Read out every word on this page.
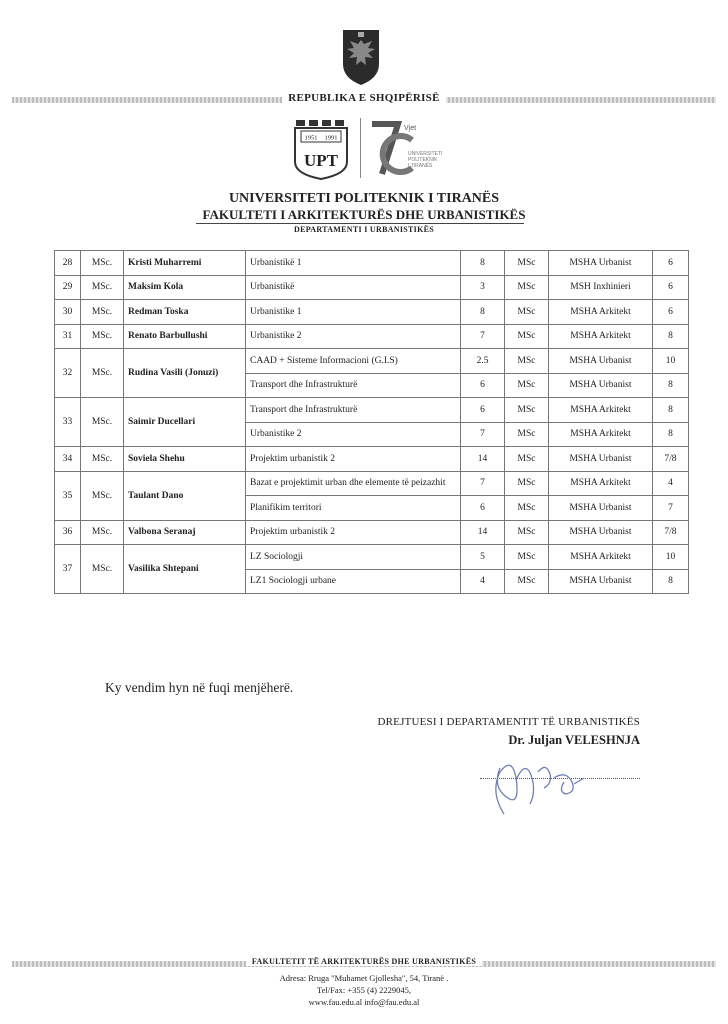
REPUBLIKA E SHQIPËRISË
1951 1991
UPT
Vjet
UNIVERSITETI
POLITEKNIK
I TIRANËS
UNIVERSITETI POLITEKNIK I TIRANËS
FAKULTETI I ARKITEKTURËS DHE URBANISTIKËS
DEPARTAMENTI I URBANISTIKËS
28	MSc.	Kristi Muharremi	Urbanistikë 1	8	MSc	MSHA Urbanist	6
29	MSc.	Maksim Kola	Urbanistikë	3	MSc	MSH Inxhinieri	6
30	MSc.	Redman Toska	Urbanistike 1	8	MSc	MSHA Arkitekt	6
31	MSc.	Renato Barbullushi	Urbanistike 2	7	MSc	MSHA Arkitekt	8
32	MSc.	Rudina Vasili (Jonuzi)	CAAD + Sisteme Informacioni (G.I.S)	2.5	MSc	MSHA Urbanist	10
			Transport dhe Infrastrukturë	6	MSc	MSHA Urbanist	8
33	MSc.	Saimir Ducellari	Transport dhe Infrastrukturë	6	MSc	MSHA Arkitekt	8
			Urbanistike 2	7	MSc	MSHA Arkitekt	8
34	MSc.	Soviela Shehu	Projektim urbanistik 2	14	MSc	MSHA Urbanist	7/8
35	MSc.	Taulant Dano	Bazat e projektimit urban dhe elemente të peizazhit	7	MSc	MSHA Arkitekt	4
			Planifikim territori	6	MSc	MSHA Urbanist	7
36	MSc.	Valbona Seranaj	Projektim urbanistik 2	14	MSc	MSHA Urbanist	7/8
37	MSc.	Vasilika Shtepani	LZ Sociologji	5	MSc	MSHA Arkitekt	10
			LZ1 Sociologji urbane	4	MSc	MSHA Urbanist	8
Ky vendim hyn në fuqi menjëherë.
DREJTUESI I DEPARTAMENTIT TË URBANISTIKËS
Dr. Juljan VELESHNJA
FAKULTETIT TË ARKITEKTURËS DHE URBANISTIKËS
Adresa: Rruga "Muhamet Gjollesha", 54, Tiranë .
Tel/Fax: +355 (4) 2229045,
www.fau.edu.al info@fau.edu.al
